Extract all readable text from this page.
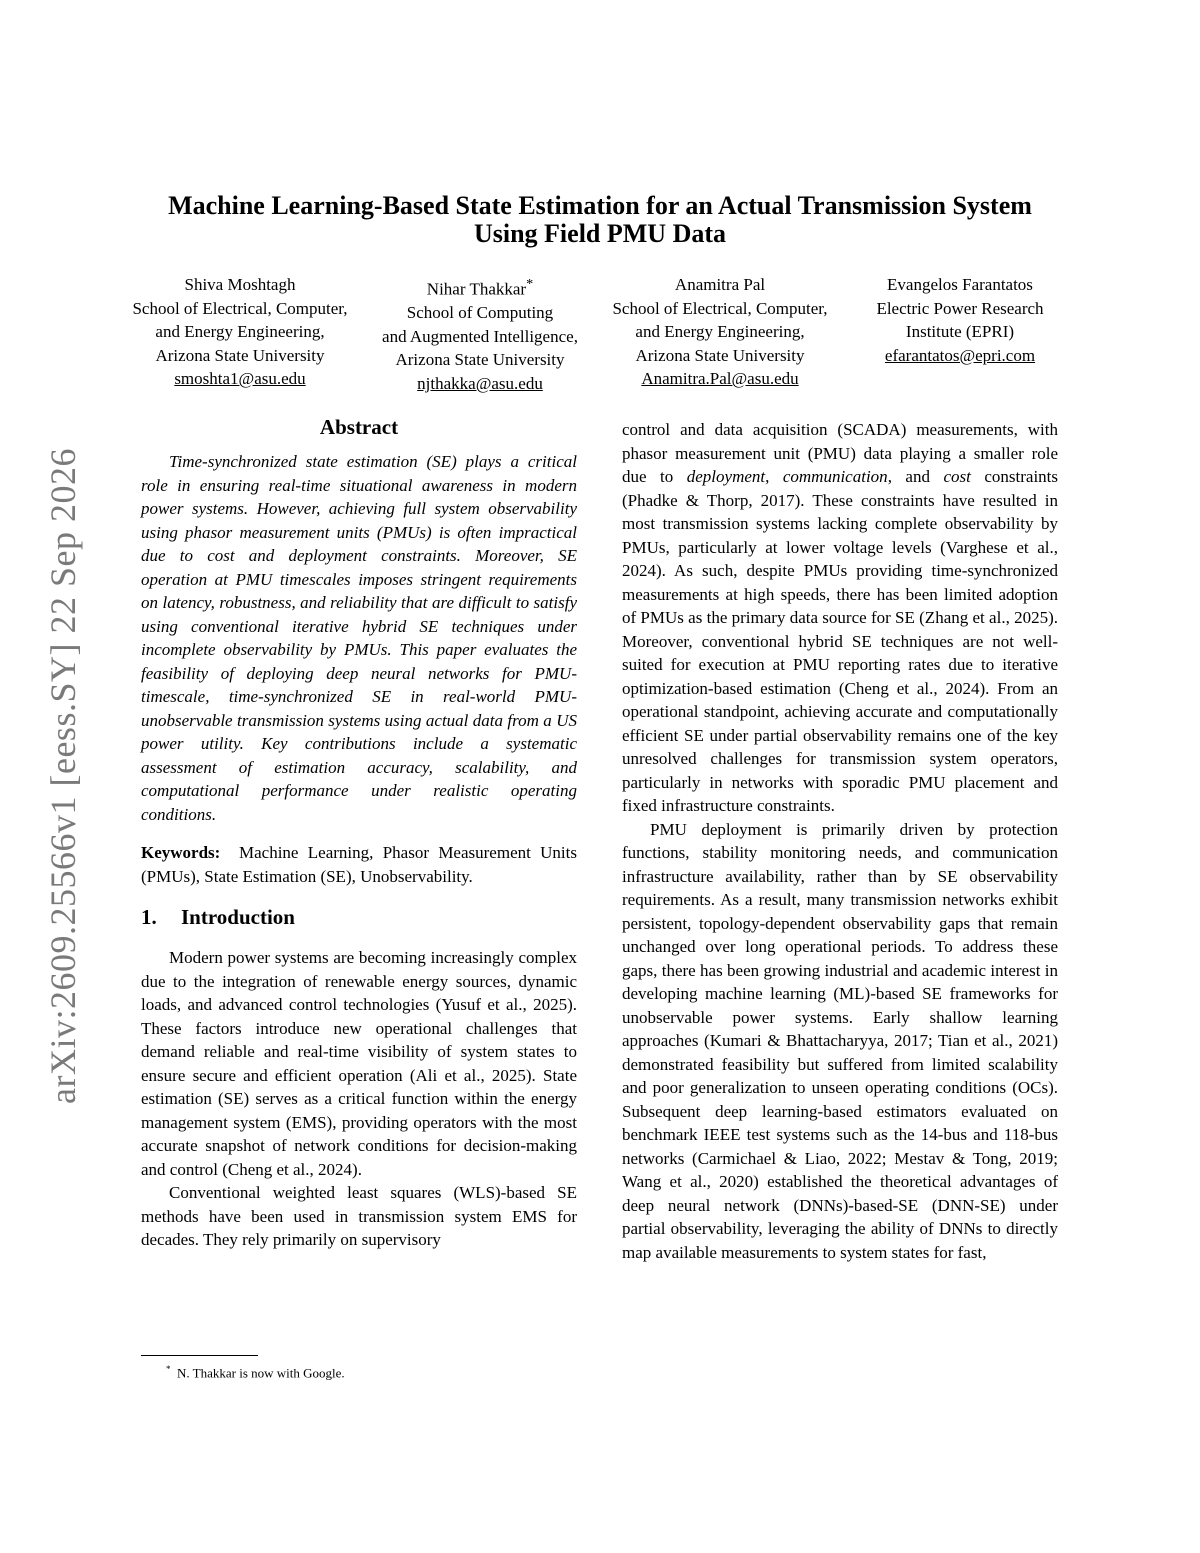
arXiv:2609.25566v1 [eess.SY] 22 Sep 2026
Machine Learning-Based State Estimation for an Actual Transmission System Using Field PMU Data
Shiva Moshtagh
School of Electrical, Computer,
and Energy Engineering,
Arizona State University
smoshta1@asu.edu
Nihar Thakkar*
School of Computing
and Augmented Intelligence,
Arizona State University
njthakka@asu.edu
Anamitra Pal
School of Electrical, Computer,
and Energy Engineering,
Arizona State University
Anamitra.Pal@asu.edu
Evangelos Farantatos
Electric Power Research
Institute (EPRI)
efarantatos@epri.com
Abstract

Time-synchronized state estimation (SE) plays a critical role in ensuring real-time situational awareness in modern power systems. However, achieving full system observability using phasor measurement units (PMUs) is often impractical due to cost and deployment constraints. Moreover, SE operation at PMU timescales imposes stringent requirements on latency, robustness, and reliability that are difficult to satisfy using conventional iterative hybrid SE techniques under incomplete observability by PMUs. This paper evaluates the feasibility of deploying deep neural networks for PMU-timescale, time-synchronized SE in real-world PMU-unobservable transmission systems using actual data from a US power utility. Key contributions include a systematic assessment of estimation accuracy, scalability, and computational performance under realistic operating conditions.

Keywords: Machine Learning, Phasor Measurement Units (PMUs), State Estimation (SE), Unobservability.

1. Introduction

Modern power systems are becoming increasingly complex due to the integration of renewable energy sources, dynamic loads, and advanced control technologies (Yusuf et al., 2025). These factors introduce new operational challenges that demand reliable and real-time visibility of system states to ensure secure and efficient operation (Ali et al., 2025). State estimation (SE) serves as a critical function within the energy management system (EMS), providing operators with the most accurate snapshot of network conditions for decision-making and control (Cheng et al., 2024).

Conventional weighted least squares (WLS)-based SE methods have been used in transmission system EMS for decades. They rely primarily on supervisory

control and data acquisition (SCADA) measurements, with phasor measurement unit (PMU) data playing a smaller role due to deployment, communication, and cost constraints (Phadke & Thorp, 2017). These constraints have resulted in most transmission systems lacking complete observability by PMUs, particularly at lower voltage levels (Varghese et al., 2024). As such, despite PMUs providing time-synchronized measurements at high speeds, there has been limited adoption of PMUs as the primary data source for SE (Zhang et al., 2025). Moreover, conventional hybrid SE techniques are not well-suited for execution at PMU reporting rates due to iterative optimization-based estimation (Cheng et al., 2024). From an operational standpoint, achieving accurate and computationally efficient SE under partial observability remains one of the key unresolved challenges for transmission system operators, particularly in networks with sporadic PMU placement and fixed infrastructure constraints.

PMU deployment is primarily driven by protection functions, stability monitoring needs, and communication infrastructure availability, rather than by SE observability requirements. As a result, many transmission networks exhibit persistent, topology-dependent observability gaps that remain unchanged over long operational periods. To address these gaps, there has been growing industrial and academic interest in developing machine learning (ML)-based SE frameworks for unobservable power systems. Early shallow learning approaches (Kumari & Bhattacharyya, 2017; Tian et al., 2021) demonstrated feasibility but suffered from limited scalability and poor generalization to unseen operating conditions (OCs). Subsequent deep learning-based estimators evaluated on benchmark IEEE test systems such as the 14-bus and 118-bus networks (Carmichael & Liao, 2022; Mestav & Tong, 2019; Wang et al., 2020) established the theoretical advantages of deep neural network (DNNs)-based-SE (DNN-SE) under partial observability, leveraging the ability of DNNs to directly map available measurements to system states for fast,

* N. Thakkar is now with Google.
